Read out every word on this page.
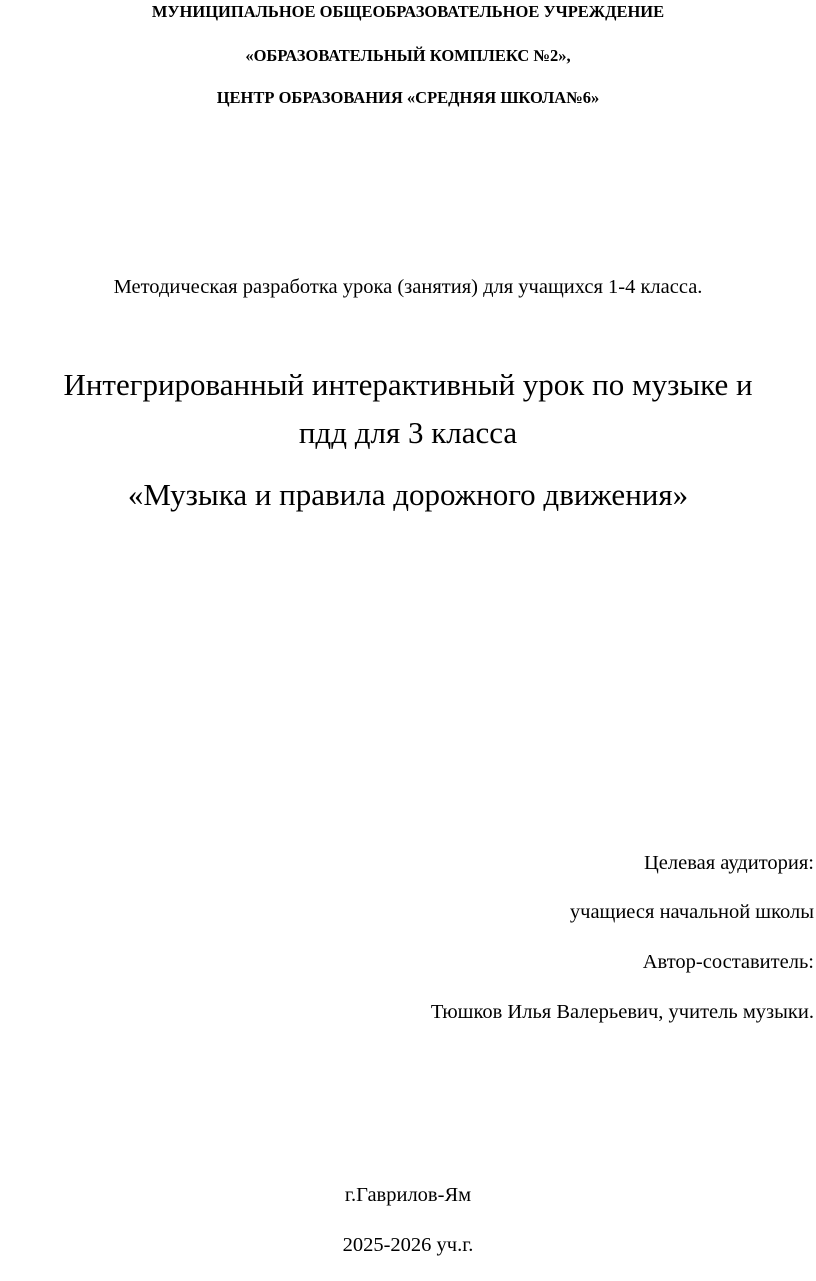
МУНИЦИПАЛЬНОЕ ОБЩЕОБРАЗОВАТЕЛЬНОЕ УЧРЕЖДЕНИЕ
«ОБРАЗОВАТЕЛЬНЫЙ КОМПЛЕКС №2»,
ЦЕНТР ОБРАЗОВАНИЯ «СРЕДНЯЯ ШКОЛА№6»
Методическая разработка урока (занятия) для учащихся 1-4 класса.
Интегрированный интерактивный урок по музыке и
пдд для 3 класса
«Музыка и правила дорожного движения»
Целевая аудитория:
учащиеся начальной школы
Автор-составитель:
Тюшков Илья Валерьевич, учитель музыки.
г.Гаврилов-Ям
2025-2026 уч.г.
